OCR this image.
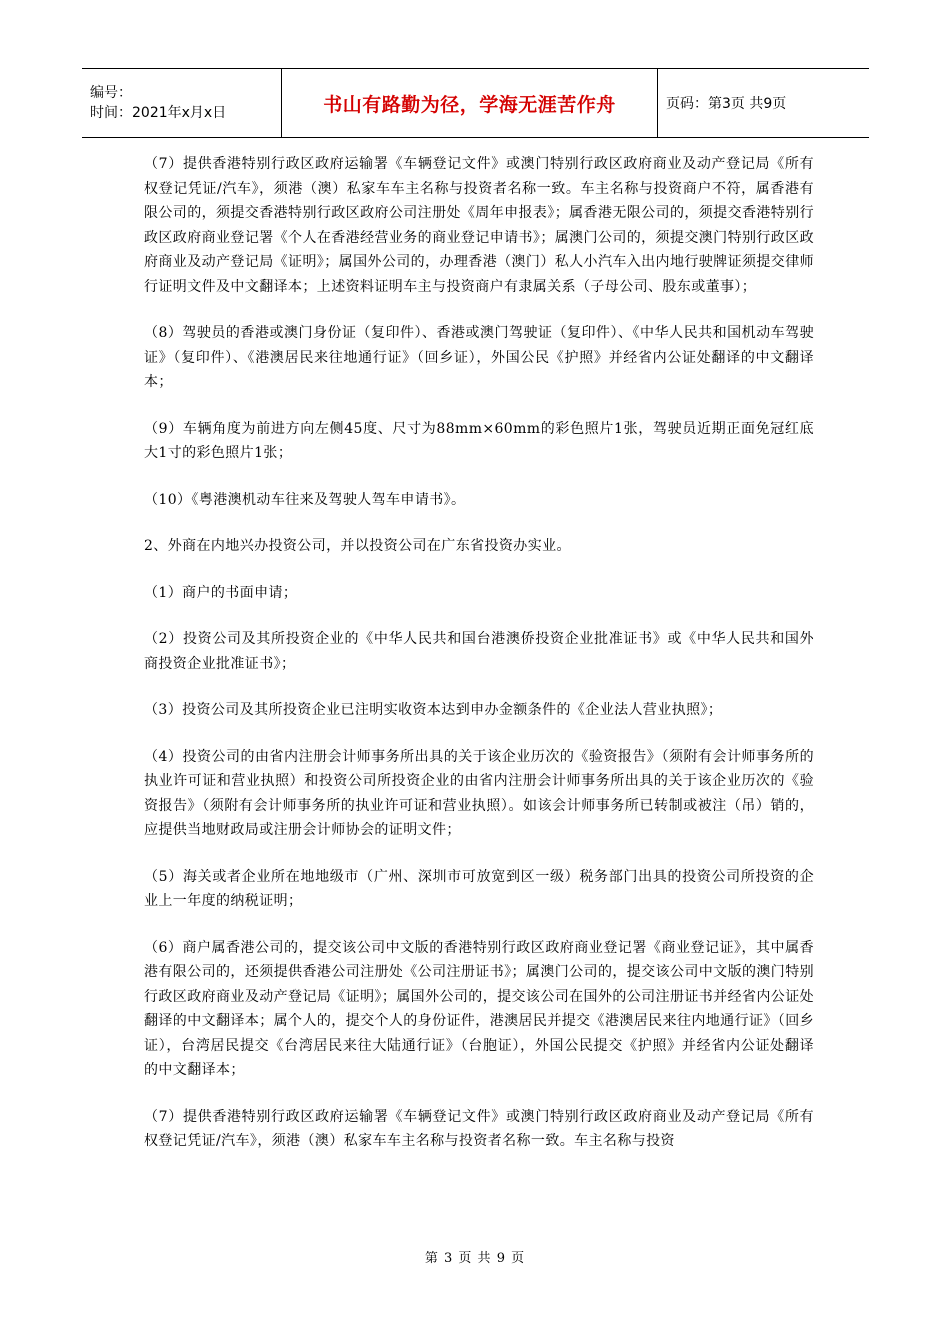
编号：
时间：2021年x月x日	书山有路勤为径，学海无涯苦作舟	页码：第3页 共9页

（7）提供香港特别行政区政府运输署《车辆登记文件》或澳门特别行政区政府商业及动产登记局《所有权登记凭证/汽车》，须港（澳）私家车车主名称与投资者名称一致。车主名称与投资商户不符，属香港有限公司的，须提交香港特别行政区政府公司注册处《周年申报表》；属香港无限公司的，须提交香港特别行政区政府商业登记署《个人在香港经营业务的商业登记申请书》；属澳门公司的，须提交澳门特别行政区政府商业及动产登记局《证明》；属国外公司的，办理香港（澳门）私人小汽车入出内地行驶牌证须提交律师行证明文件及中文翻译本；上述资料证明车主与投资商户有隶属关系（子母公司、股东或董事）；

（8）驾驶员的香港或澳门身份证（复印件）、香港或澳门驾驶证（复印件）、《中华人民共和国机动车驾驶证》（复印件）、《港澳居民来往地通行证》（回乡证），外国公民《护照》并经省内公证处翻译的中文翻译本；

（9）车辆角度为前进方向左侧45度、尺寸为88mm×60mm的彩色照片1张，驾驶员近期正面免冠红底大1寸的彩色照片1张；

（10）《粤港澳机动车往来及驾驶人驾车申请书》。

2、外商在内地兴办投资公司，并以投资公司在广东省投资办实业。

（1）商户的书面申请；

（2）投资公司及其所投资企业的《中华人民共和国台港澳侨投资企业批准证书》或《中华人民共和国外商投资企业批准证书》；

（3）投资公司及其所投资企业已注明实收资本达到申办金额条件的《企业法人营业执照》；

（4）投资公司的由省内注册会计师事务所出具的关于该企业历次的《验资报告》（须附有会计师事务所的执业许可证和营业执照）和投资公司所投资企业的由省内注册会计师事务所出具的关于该企业历次的《验资报告》（须附有会计师事务所的执业许可证和营业执照）。如该会计师事务所已转制或被注（吊）销的，应提供当地财政局或注册会计师协会的证明文件；

（5）海关或者企业所在地地级市（广州、深圳市可放宽到区一级）税务部门出具的投资公司所投资的企业上一年度的纳税证明；

（6）商户属香港公司的，提交该公司中文版的香港特别行政区政府商业登记署《商业登记证》，其中属香港有限公司的，还须提供香港公司注册处《公司注册证书》；属澳门公司的，提交该公司中文版的澳门特别行政区政府商业及动产登记局《证明》；属国外公司的，提交该公司在国外的公司注册证书并经省内公证处翻译的中文翻译本；属个人的，提交个人的身份证件，港澳居民并提交《港澳居民来往内地通行证》（回乡证），台湾居民提交《台湾居民来往大陆通行证》（台胞证），外国公民提交《护照》并经省内公证处翻译的中文翻译本；

（7）提供香港特别行政区政府运输署《车辆登记文件》或澳门特别行政区政府商业及动产登记局《所有权登记凭证/汽车》，须港（澳）私家车车主名称与投资者名称一致。车主名称与投资

第 3 页 共 9 页
